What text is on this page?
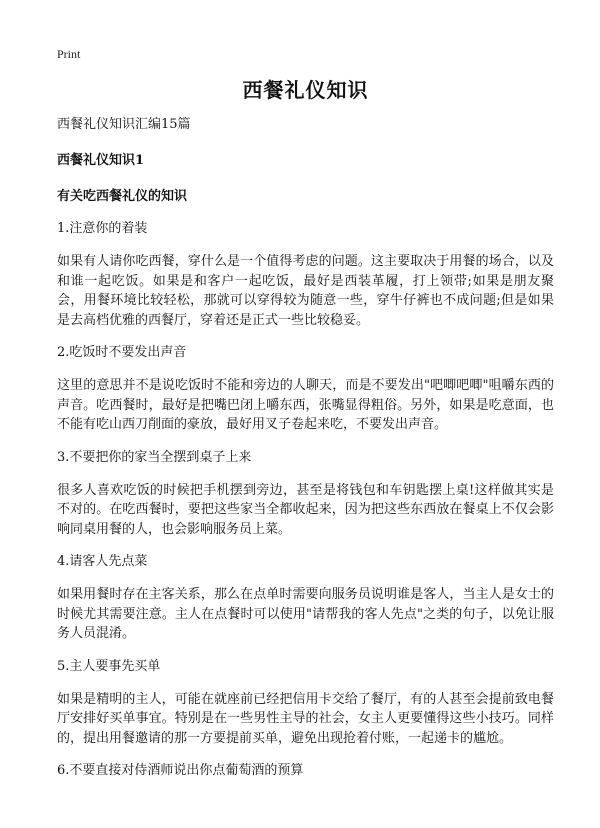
Print
西餐礼仪知识

西餐礼仪知识汇编15篇

西餐礼仪知识1

有关吃西餐礼仪的知识

1.注意你的着装

如果有人请你吃西餐，穿什么是一个值得考虑的问题。这主要取决于用餐的场合，以及和谁一起吃饭。如果是和客户一起吃饭，最好是西装革履，打上领带;如果是朋友聚会，用餐环境比较轻松，那就可以穿得较为随意一些，穿牛仔裤也不成问题;但是如果是去高档优雅的西餐厅，穿着还是正式一些比较稳妥。

2.吃饭时不要发出声音

这里的意思并不是说吃饭时不能和旁边的人聊天，而是不要发出"吧唧吧唧"咀嚼东西的声音。吃西餐时，最好是把嘴巴闭上嚼东西，张嘴显得粗俗。另外，如果是吃意面，也不能有吃山西刀削面的豪放，最好用叉子卷起来吃，不要发出声音。

3.不要把你的家当全摆到桌子上来

很多人喜欢吃饭的时候把手机摆到旁边，甚至是将钱包和车钥匙摆上桌!这样做其实是不对的。在吃西餐时，要把这些家当全都收起来，因为把这些东西放在餐桌上不仅会影响同桌用餐的人，也会影响服务员上菜。

4.请客人先点菜

如果用餐时存在主客关系，那么在点单时需要向服务员说明谁是客人，当主人是女士的时候尤其需要注意。主人在点餐时可以使用"请帮我的客人先点"之类的句子，以免让服务人员混淆。

5.主人要事先买单

如果是精明的主人，可能在就座前已经把信用卡交给了餐厅，有的人甚至会提前致电餐厅安排好买单事宜。特别是在一些男性主导的社会，女主人更要懂得这些小技巧。同样的，提出用餐邀请的那一方要提前买单，避免出现抢着付账，一起递卡的尴尬。

6.不要直接对侍酒师说出你点葡萄酒的预算
